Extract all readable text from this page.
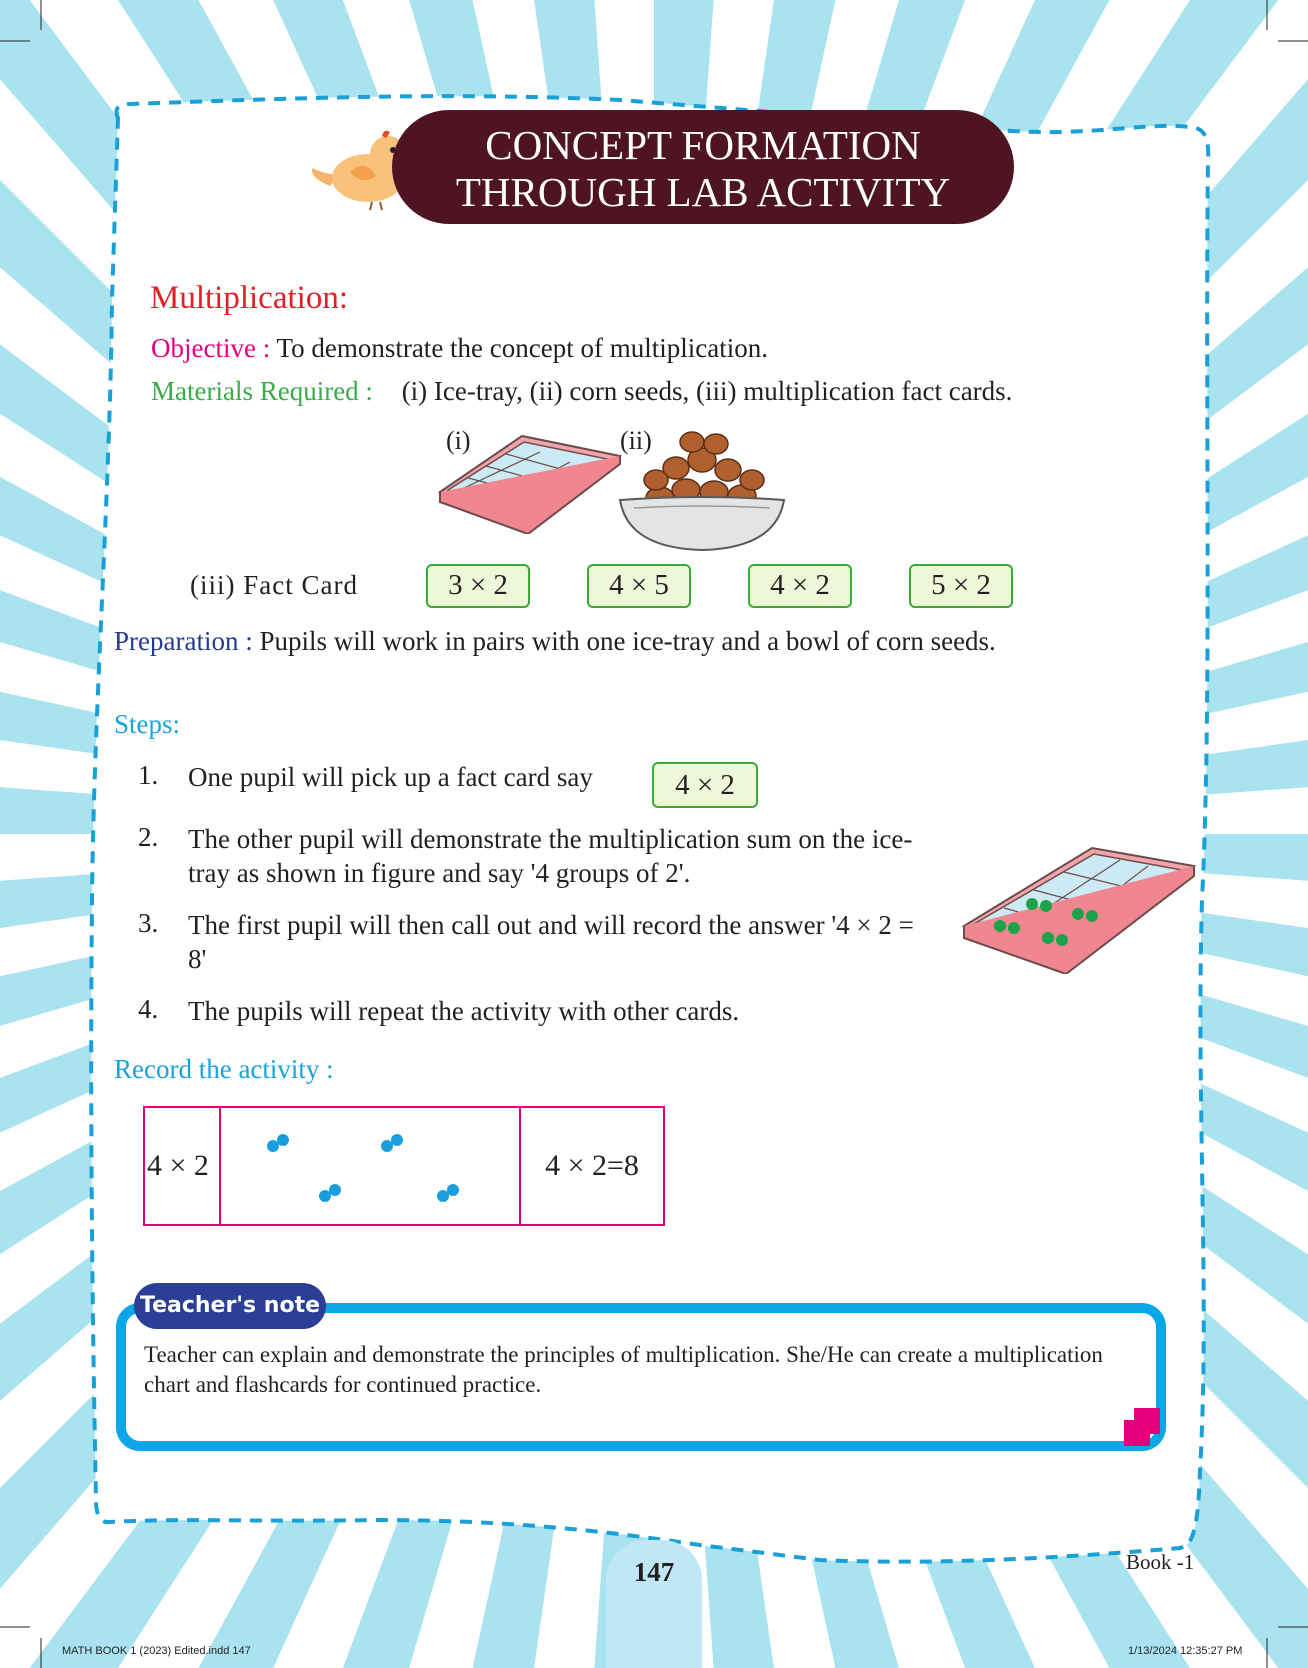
CONCEPT FORMATION
THROUGH LAB ACTIVITY
Multiplication:
Objective : To demonstrate the concept of multiplication.
Materials Required : (i) Ice-tray, (ii) corn seeds, (iii) multiplication fact cards.
(i)	(ii)
(iii) Fact Card	3 × 2	4 × 5	4 × 2	5 × 2
Preparation : Pupils will work in pairs with one ice-tray and a bowl of corn seeds.
Steps:
1.	One pupil will pick up a fact card say	4 × 2
2.	The other pupil will demonstrate the multiplication sum on the ice-tray as shown in figure and say '4 groups of 2'.
3.	The first pupil will then call out and will record the answer '4 × 2 = 8'
4.	The pupils will repeat the activity with other cards.
Record the activity :
4 × 2	4 × 2=8
Teacher's note
Teacher can explain and demonstrate the principles of multiplication. She/He can create a multiplication chart and flashcards for continued practice.
147	Book -1
MATH BOOK 1 (2023) Edited.indd 147	1/13/2024 12:35:27 PM
